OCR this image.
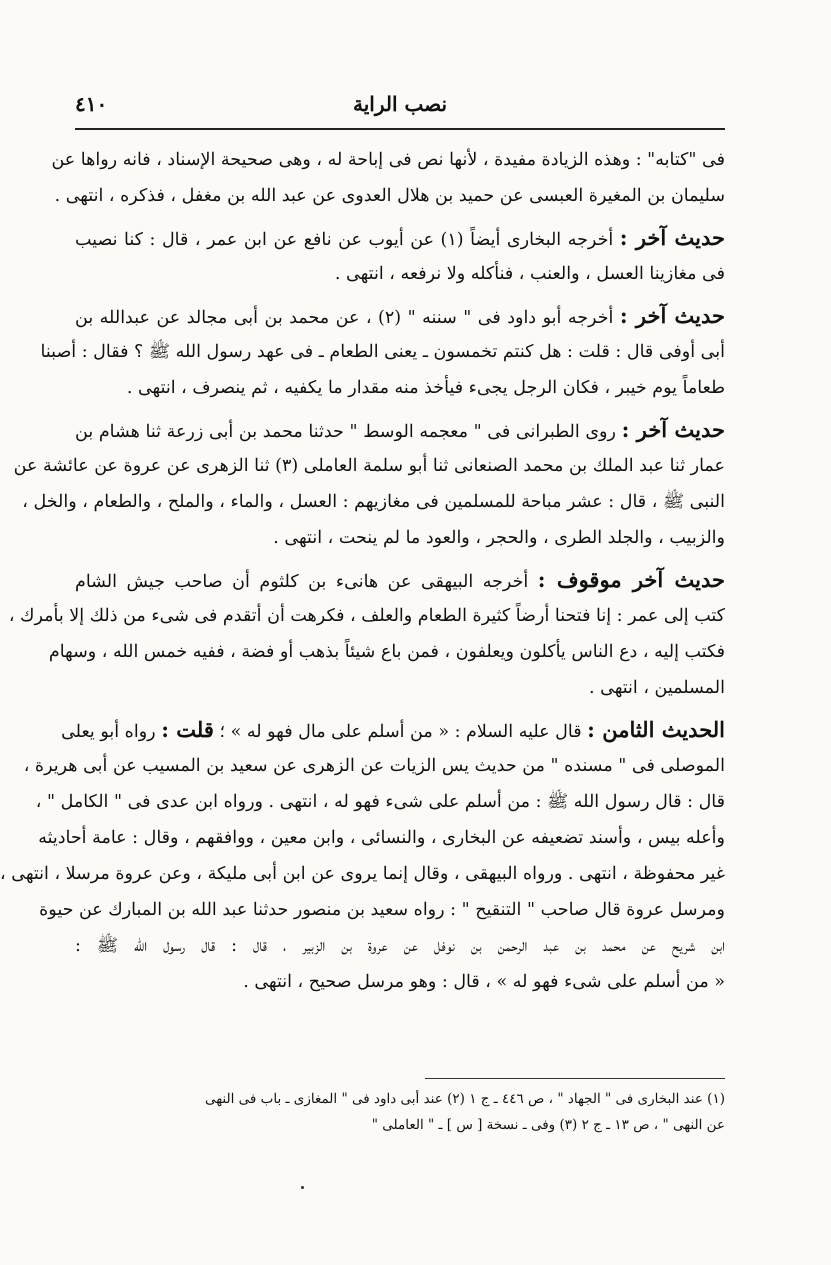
نصب الراية
٤١٠
فى "كتابه" : وهذه الزيادة مفيدة ، لأنها نص فى إباحة له ، وهى صحيحة الإسناد ، فانه رواها عن
سليمان بن المغيرة العبسى عن حميد بن هلال العدوى عن عبد الله بن مغفل ، فذكره ، انتهى .
حديث آخر : أخرجه البخارى أيضاً (١) عن أيوب عن نافع عن ابن عمر ، قال : كنا نصيب
فى مغازينا العسل ، والعنب ، فنأكله ولا نرفعه ، انتهى .
حديث آخر : أخرجه أبو داود فى " سننه " (٢) ، عن محمد بن أبى مجالد عن عبدالله بن
أبى أوفى قال : قلت : هل كنتم تخمسون ـ يعنى الطعام ـ فى عهد رسول الله ﷺ ؟ فقال : أصبنا
طعاماً يوم خيبر ، فكان الرجل يجىء فيأخذ منه مقدار ما يكفيه ، ثم ينصرف ، انتهى .
حديث آخر : روى الطبرانى فى " معجمه الوسط " حدثنا محمد بن أبى زرعة ثنا هشام بن
عمار ثنا عبد الملك بن محمد الصنعانى ثنا أبو سلمة العاملى (٣) ثنا الزهرى عن عروة عن عائشة عن
النبى ﷺ ، قال : عشر مباحة للمسلمين فى مغازيهم : العسل ، والماء ، والملح ، والطعام ، والخل ،
والزبيب ، والجلد الطرى ، والحجر ، والعود ما لم ينحت ، انتهى .
حديث آخر موقوف : أخرجه البيهقى عن هانىء بن كلثوم أن صاحب جيش الشام
كتب إلى عمر : إنا فتحنا أرضاً كثيرة الطعام والعلف ، فكرهت أن أتقدم فى شىء من ذلك إلا بأمرك ،
فكتب إليه ، دع الناس يأكلون ويعلفون ، فمن باع شيئاً بذهب أو فضة ، ففيه خمس الله ، وسهام
المسلمين ، انتهى .
الحديث الثامن : قال عليه السلام : « من أسلم على مال فهو له » ؛ قلت : رواه أبو يعلى
الموصلى فى " مسنده " من حديث يس الزيات عن الزهرى عن سعيد بن المسيب عن أبى هريرة ،
قال : قال رسول الله ﷺ : من أسلم على شىء فهو له ، انتهى . ورواه ابن عدى فى " الكامل " ،
وأعله بيس ، وأسند تضعيفه عن البخارى ، والنسائى ، وابن معين ، ووافقهم ، وقال : عامة أحاديثه
غير محفوظة ، انتهى . ورواه البيهقى ، وقال إنما يروى عن ابن أبى مليكة ، وعن عروة مرسلا ، انتهى ،
ومرسل عروة قال صاحب " التنقيح " : رواه سعيد بن منصور حدثنا عبد الله بن المبارك عن حيوة
ابن شريح عن محمد بن عبد الرحمن بن نوفل عن عروة بن الزبير ، قال : قال رسول الله ﷺ :
« من أسلم على شىء فهو له » ، قال : وهو مرسل صحيح ، انتهى .
(١) عند البخارى فى " الجهاد " ، ص ٤٤٦ ـ ج ١ (٢) عند أبى داود فى " المغازى ـ باب فى النهى
عن النهى " ، ص ١٣ ـ ج ٢ (٣) وفى ـ نسخة [ س ] ـ " العاملى "
